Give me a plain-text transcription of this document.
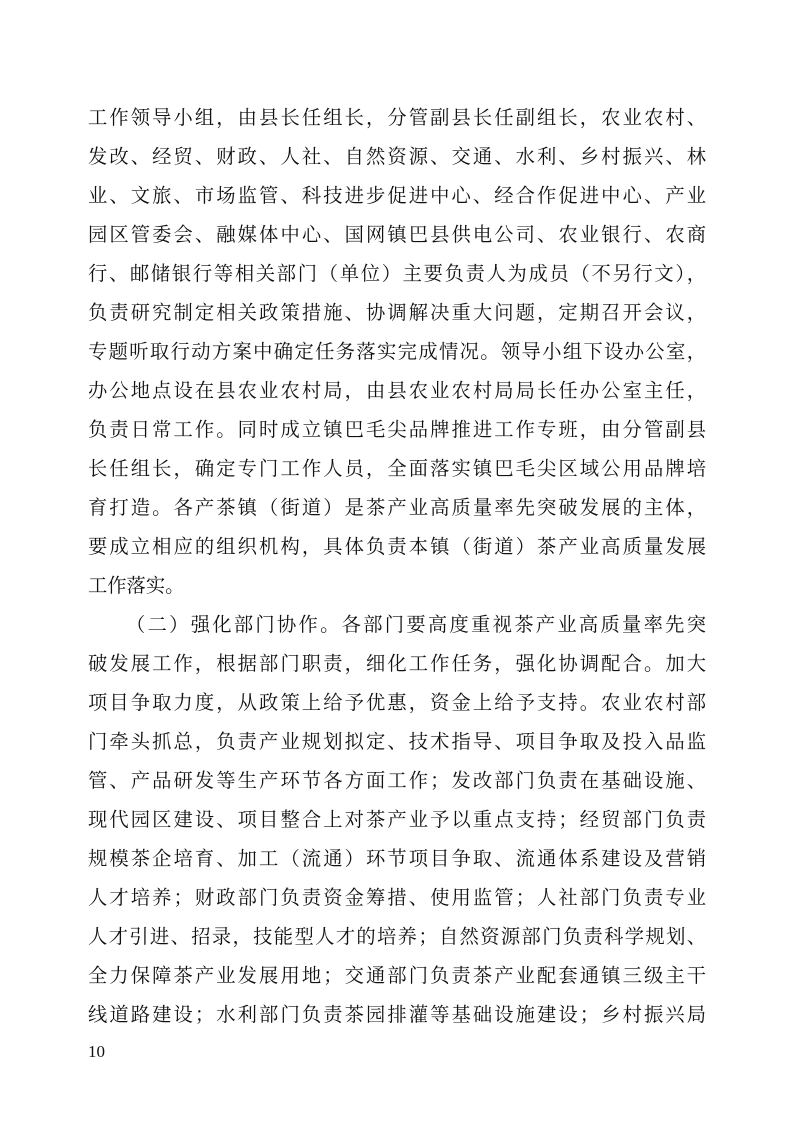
工作领导小组，由县长任组长，分管副县长任副组长，农业农村、
发改、经贸、财政、人社、自然资源、交通、水利、乡村振兴、林
业、文旅、市场监管、科技进步促进中心、经合作促进中心、产业
园区管委会、融媒体中心、国网镇巴县供电公司、农业银行、农商
行、邮储银行等相关部门（单位）主要负责人为成员（不另行文），
负责研究制定相关政策措施、协调解决重大问题，定期召开会议，
专题听取行动方案中确定任务落实完成情况。领导小组下设办公室，
办公地点设在县农业农村局，由县农业农村局局长任办公室主任，
负责日常工作。同时成立镇巴毛尖品牌推进工作专班，由分管副县
长任组长，确定专门工作人员，全面落实镇巴毛尖区域公用品牌培
育打造。各产茶镇（街道）是茶产业高质量率先突破发展的主体，
要成立相应的组织机构，具体负责本镇（街道）茶产业高质量发展
工作落实。
（二）强化部门协作。各部门要高度重视茶产业高质量率先突
破发展工作，根据部门职责，细化工作任务，强化协调配合。加大
项目争取力度，从政策上给予优惠，资金上给予支持。农业农村部
门牵头抓总，负责产业规划拟定、技术指导、项目争取及投入品监
管、产品研发等生产环节各方面工作；发改部门负责在基础设施、
现代园区建设、项目整合上对茶产业予以重点支持；经贸部门负责
规模茶企培育、加工（流通）环节项目争取、流通体系建设及营销
人才培养；财政部门负责资金筹措、使用监管；人社部门负责专业
人才引进、招录，技能型人才的培养；自然资源部门负责科学规划、
全力保障茶产业发展用地；交通部门负责茶产业配套通镇三级主干
线道路建设；水利部门负责茶园排灌等基础设施建设；乡村振兴局
10
